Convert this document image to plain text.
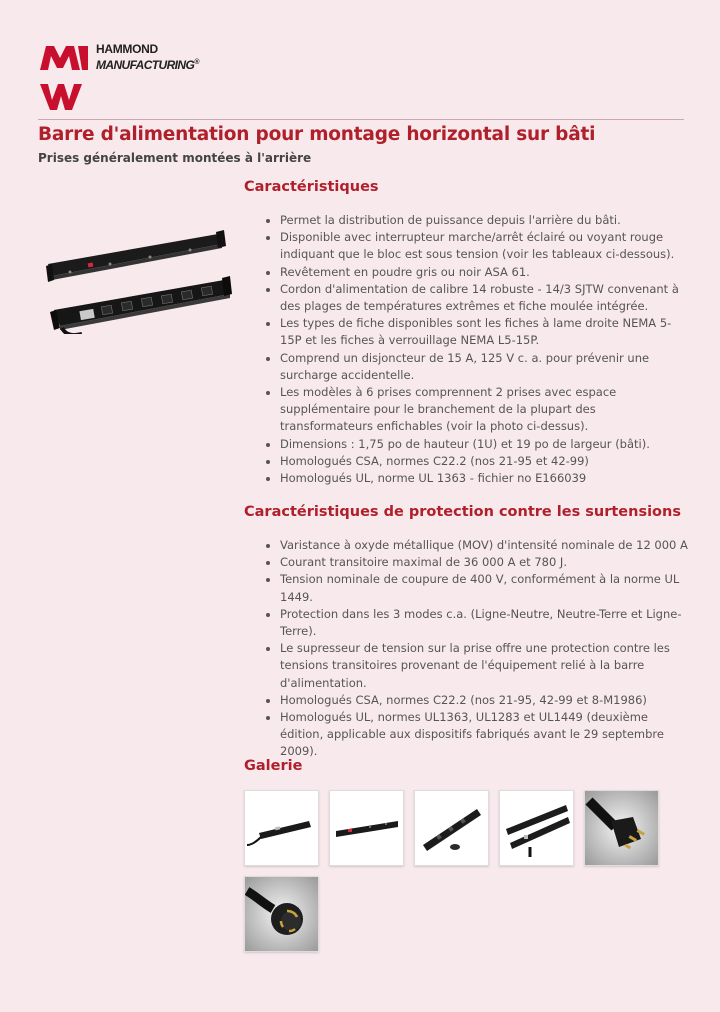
HAMMOND
MANUFACTURING®
Barre d'alimentation pour montage horizontal sur bâti
Prises généralement montées à l'arrière
Caractéristiques
Permet la distribution de puissance depuis l'arrière du bâti.
Disponible avec interrupteur marche/arrêt éclairé ou voyant rouge indiquant que le bloc est sous tension (voir les tableaux ci-dessous).
Revêtement en poudre gris ou noir ASA 61.
Cordon d'alimentation de calibre 14 robuste - 14/3 SJTW convenant à des plages de températures extrêmes et fiche moulée intégrée.
Les types de fiche disponibles sont les fiches à lame droite NEMA 5-15P et les fiches à verrouillage NEMA L5-15P.
Comprend un disjoncteur de 15 A, 125 V c. a. pour prévenir une surcharge accidentelle.
Les modèles à 6 prises comprennent 2 prises avec espace supplémentaire pour le branchement de la plupart des transformateurs enfichables (voir la photo ci-dessus).
Dimensions : 1,75 po de hauteur (1U) et 19 po de largeur (bâti).
Homologués CSA, normes C22.2 (nos 21-95 et 42-99)
Homologués UL, norme UL 1363 - fichier no E166039
Caractéristiques de protection contre les surtensions
Varistance à oxyde métallique (MOV) d'intensité nominale de 12 000 A
Courant transitoire maximal de 36 000 A et 780 J.
Tension nominale de coupure de 400 V, conformément à la norme UL 1449.
Protection dans les 3 modes c.a. (Ligne-Neutre, Neutre-Terre et Ligne-Terre).
Le supresseur de tension sur la prise offre une protection contre les tensions transitoires provenant de l'équipement relié à la barre d'alimentation.
Homologués CSA, normes C22.2 (nos 21-95, 42-99 et 8-M1986)
Homologués UL, normes UL1363, UL1283 et UL1449 (deuxième édition, applicable aux dispositifs fabriqués avant le 29 septembre 2009).
Galerie
